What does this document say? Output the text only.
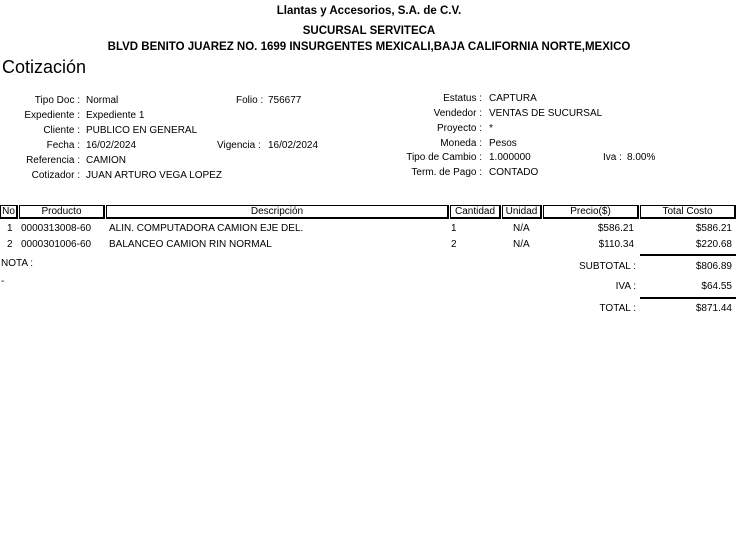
Llantas y Accesorios, S.A. de C.V.
SUCURSAL SERVITECA
BLVD BENITO JUAREZ NO. 1699 INSURGENTES MEXICALI,BAJA CALIFORNIA NORTE,MEXICO
Cotización
Tipo Doc : Normal
Expediente : Expediente 1
Cliente : PUBLICO EN GENERAL
Fecha : 16/02/2024
Referencia : CAMION
Cotizador : JUAN ARTURO VEGA LOPEZ
Folio : 756677
Vigencia : 16/02/2024
Estatus : CAPTURA
Vendedor : VENTAS DE SUCURSAL
Proyecto : *
Moneda : Pesos
Tipo de Cambio : 1.000000
Term. de Pago : CONTADO
Iva : 8.00%
No	Producto	Descripción	Cantidad	Unidad	Precio($)	Total Costo
1 0000313008-60 ALIN. COMPUTADORA CAMION EJE DEL.	1	N/A	$586.21	$586.21
2 0000301006-60 BALANCEO CAMION RIN NORMAL	2	N/A	$110.34	$220.68
NOTA :
-
SUBTOTAL :	$806.89
IVA :	$64.55
TOTAL :	$871.44
